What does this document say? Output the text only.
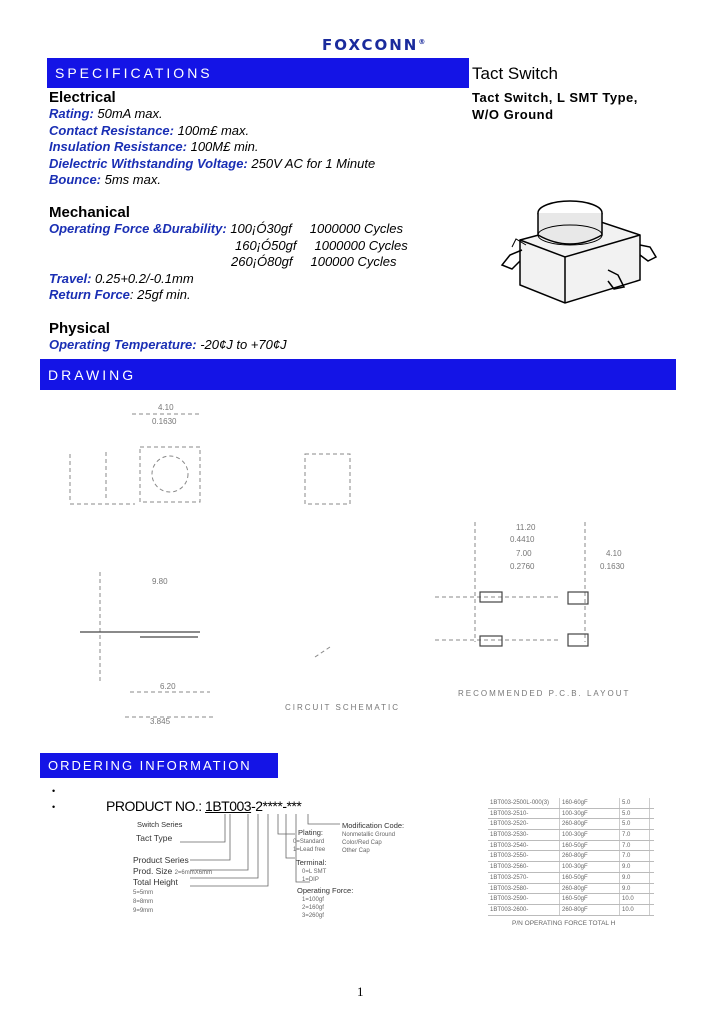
FOXCONN®
SPECIFICATIONS	Tact Switch
Tact Switch, L SMT Type,
W/O Ground
Electrical
Rating: 50mA max.
Contact Resistance: 100m£ max.
Insulation Resistance: 100M£ min.
Dielectric Withstanding Voltage: 250V AC for 1 Minute
Bounce: 5ms max.
Mechanical
Operating Force &Durability: 100¡Ó30gf     1000000 Cycles
160¡Ó50gf     1000000 Cycles
260¡Ó80gf     100000 Cycles
Travel: 0.25+0.2/-0.1mm
Return Force: 25gf min.
Physical
Operating Temperature: -20¢J to +70¢J
DRAWING
4.10
0.1630
9.80
6.20
3.845
11.20
0.4410
7.00
0.2760
4.10
0.1630
CIRCUIT SCHEMATIC
RECOMMENDED P.C.B. LAYOUT
ORDERING INFORMATION
•
•	PRODUCT NO.: 1BT003-2****-***
Switch Series
Tact Type
Product Series
Prod. Size 2=6mmX6mm
Total Height
5=5mm
8=8mm
9=9mm
Plating:
0=Standard
1=Lead free
Terminal:
0=L SMT
1=DIP
Operating Force:
1=100gf
2=160gf
3=260gf
Modification Code:
Nonmetallic Ground
Color/Red Cap
Other Cap
1BT003-2500L-000(3)	160-60gF	5.0
1BT003-2510-	100-30gF	5.0
1BT003-2520-	260-80gF	5.0
1BT003-2530-	100-30gF	7.0
1BT003-2540-	160-50gF	7.0
1BT003-2550-	260-80gF	7.0
1BT003-2560-	100-30gF	9.0
1BT003-2570-	160-50gF	9.0
1BT003-2580-	260-80gF	9.0
1BT003-2590-	160-50gF	10.0
1BT003-2600-	260-80gF	10.0
P/N OPERATING FORCE TOTAL H
1
